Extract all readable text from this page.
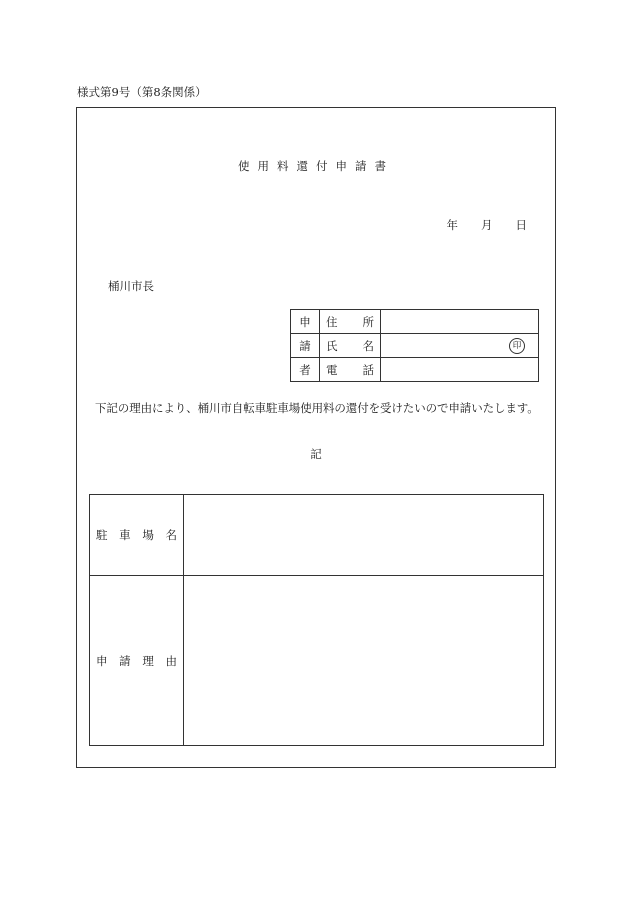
様式第9号（第8条関係）
使用料還付申請書
年　　月　　日
桶川市長
申	住 所	

請	氏 名	印

者	電 話	

下記の理由により、桶川市自転車駐車場使用料の還付を受けたいので申請いたします。
記
駐 車 場 名	

申 請 理 由	
